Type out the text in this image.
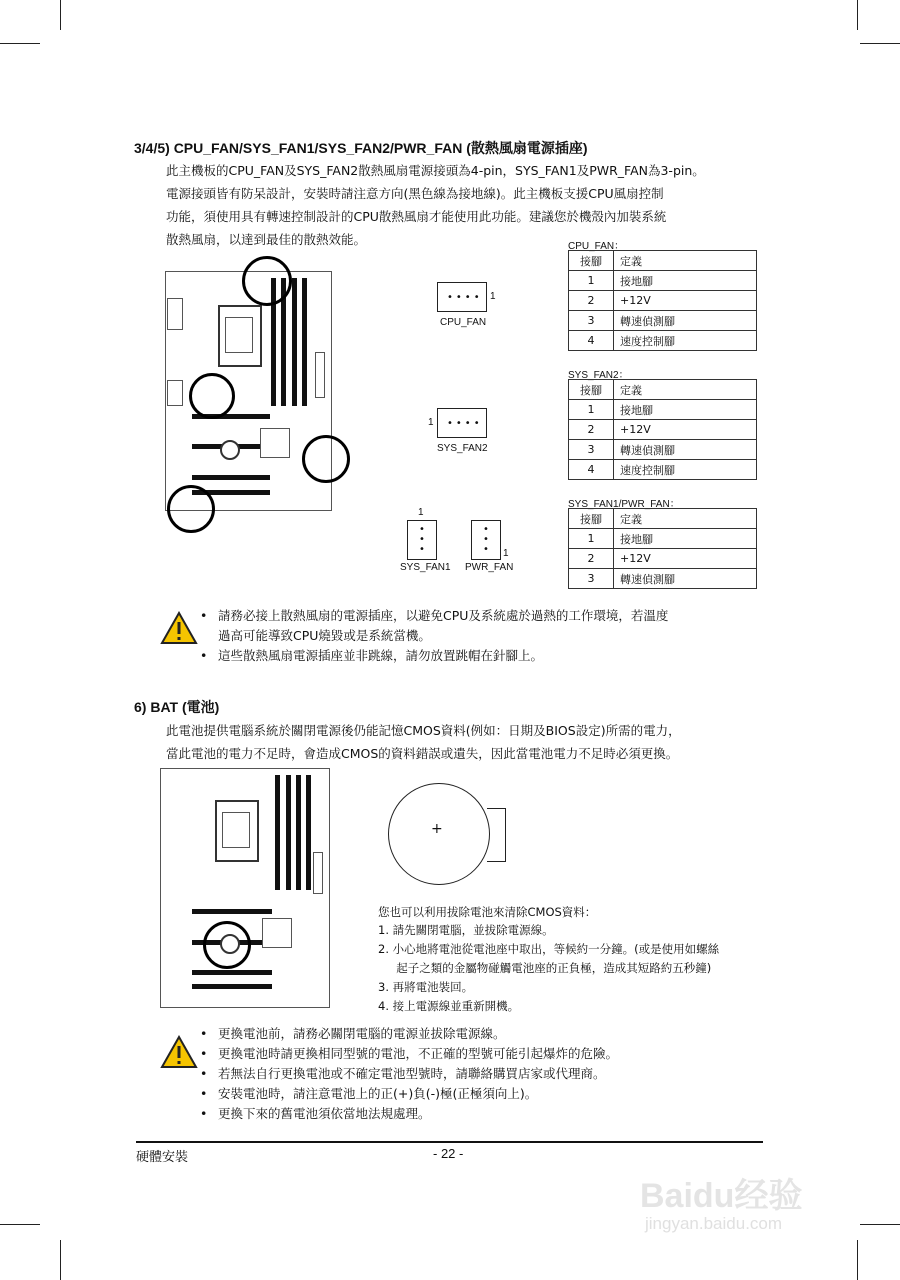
3/4/5) CPU_FAN/SYS_FAN1/SYS_FAN2/PWR_FAN (散熱風扇電源插座)
此主機板的CPU_FAN及SYS_FAN2散熱風扇電源接頭為4-pin，SYS_FAN1及PWR_FAN為3-pin。
電源接頭皆有防呆設計，安裝時請注意方向(黑色線為接地線)。此主機板支援CPU風扇控制
功能，須使用具有轉速控制設計的CPU散熱風扇才能使用此功能。建議您於機殼內加裝系統
散熱風扇，以達到最佳的散熱效能。
•••• 1
CPU_FAN
••••
1
SYS_FAN2
•
•
•
1
SYS_FAN1
•
•
• 1
PWR_FAN
CPU_FAN：
接腳	定義
1	接地腳
2	+12V
3	轉速偵測腳
4	速度控制腳
SYS_FAN2：
接腳	定義
1	接地腳
2	+12V
3	轉速偵測腳
4	速度控制腳
SYS_FAN1/PWR_FAN：
接腳	定義
1	接地腳
2	+12V
3	轉速偵測腳
• 請務必接上散熱風扇的電源插座，以避免CPU及系統處於過熱的工作環境，若溫度
過高可能導致CPU燒毀或是系統當機。
• 這些散熱風扇電源插座並非跳線，請勿放置跳帽在針腳上。
6) BAT (電池)
此電池提供電腦系統於關閉電源後仍能記憶CMOS資料(例如：日期及BIOS設定)所需的電力，
當此電池的電力不足時，會造成CMOS的資料錯誤或遺失，因此當電池電力不足時必須更換。
+
您也可以利用拔除電池來清除CMOS資料：
1. 請先關閉電腦，並拔除電源線。
2. 小心地將電池從電池座中取出，等候約一分鐘。(或是使用如螺絲
起子之類的金屬物碰觸電池座的正負極，造成其短路約五秒鐘)
3. 再將電池裝回。
4. 接上電源線並重新開機。
• 更換電池前，請務必關閉電腦的電源並拔除電源線。
• 更換電池時請更換相同型號的電池，不正確的型號可能引起爆炸的危險。
• 若無法自行更換電池或不確定電池型號時，請聯絡購買店家或代理商。
• 安裝電池時，請注意電池上的正(+)負(-)極(正極須向上)。
• 更換下來的舊電池須依當地法規處理。
硬體安裝	- 22 -
Baidu经验
jingyan.baidu.com
